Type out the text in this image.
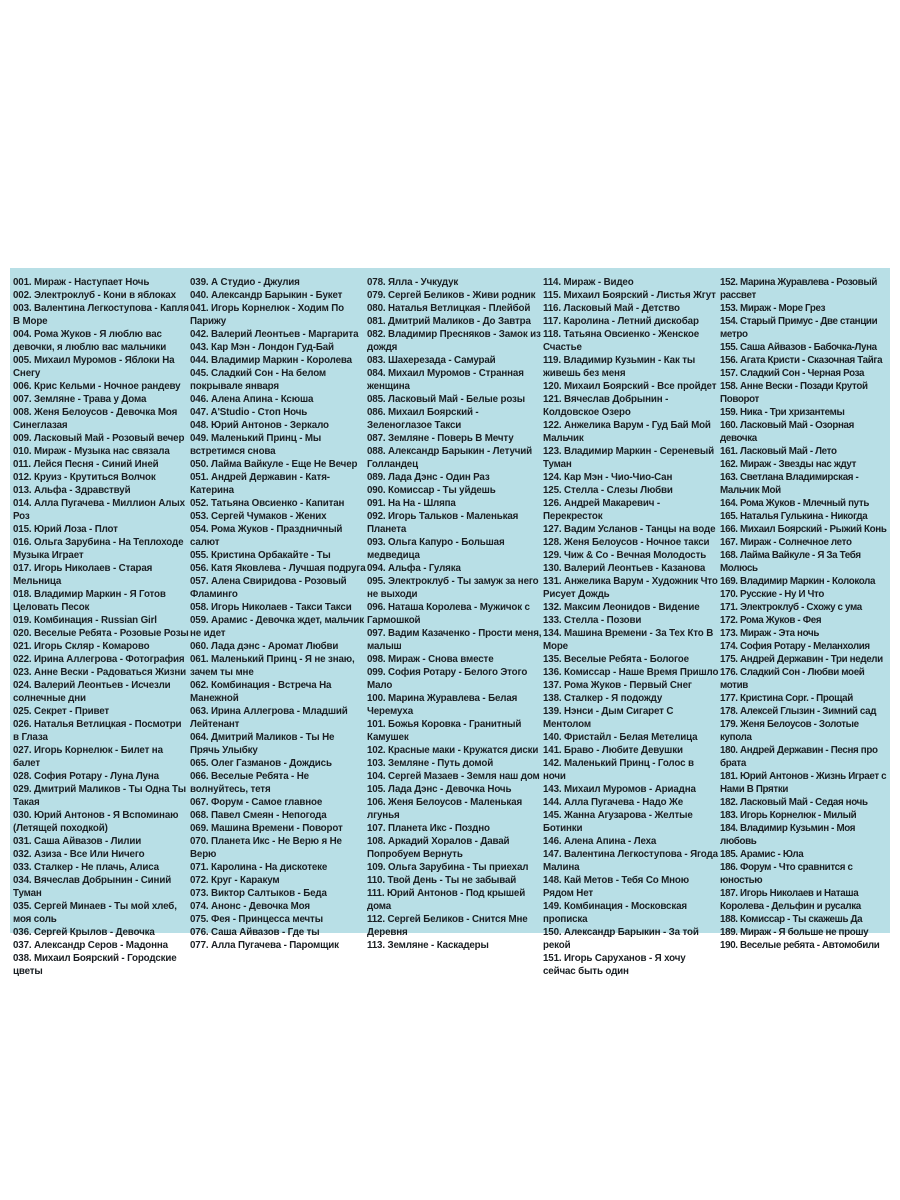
001. Мираж - Наступает Ночь
002. Электроклуб - Кони в яблоках
003. Валентина Легкоступова - Капля В Море
004. Рома Жуков - Я люблю вас девочки, я люблю вас мальчики
005. Михаил Муромов - Яблоки На Снегу
006. Крис Кельми - Ночное рандеву
007. Земляне - Трава у Дома
008. Женя Белоусов - Девочка Моя Синеглазая
009. Ласковый Май - Розовый вечер
010. Мираж - Музыка нас связала
011. Лейся Песня - Синий Иней
012. Круиз - Крутиться Волчок
013. Альфа - Здравствуй
014. Алла Пугачева - Миллион Алых Роз
015. Юрий Лоза - Плот
016. Ольга Зарубина - На Теплоходе Музыка Играет
017. Игорь Николаев - Старая Мельница
018. Владимир Маркин - Я Готов Целовать Песок
019. Комбинация - Russian Girl
020. Веселые Ребята - Розовые Розы
021. Игорь Скляр - Комарово
022. Ирина Аллегрова - Фотография
023. Анне Вески - Радоваться Жизни
024. Валерий Леонтьев - Исчезли солнечные дни
025. Секрет - Привет
026. Наталья Ветлицкая - Посмотри в Глаза
027. Игорь Корнелюк - Билет на балет
028. София Ротару - Луна Луна
029. Дмитрий Маликов - Ты Одна Ты Такая
030. Юрий Антонов - Я Вспоминаю (Летящей походкой)
031. Саша Айвазов - Лилии
032. Азиза - Все Или Ничего
033. Сталкер - Не плачь, Алиса
034. Вячеслав Добрынин - Синий Туман
035. Сергей Минаев - Ты мой хлеб, моя соль
036. Сергей Крылов - Девочка
037. Александр Серов - Мадонна
038. Михаил Боярский - Городские цветы
039. А Студио - Джулия
040. Александр Барыкин - Букет
041. Игорь Корнелюк - Ходим По Парижу
042. Валерий Леонтьев - Маргарита
043. Кар Мэн - Лондон Гуд-Бай
044. Владимир Маркин - Королева
045. Сладкий Сон - На белом покрывале января
046. Алена Апина - Ксюша
047. A'Studio - Стоп Ночь
048. Юрий Антонов - Зеркало
049. Маленький Принц - Мы встретимся снова
050. Лайма Вайкуле - Еще Не Вечер
051. Андрей Державин - Катя-Катерина
052. Татьяна Овсиенко - Капитан
053. Сергей Чумаков - Жених
054. Рома Жуков - Праздничный салют
055. Кристина Орбакайте - Ты
056. Катя Яковлева - Лучшая подруга
057. Алена Свиридова - Розовый Фламинго
058. Игорь Николаев - Такси Такси
059. Арамис - Девочка ждет, мальчик не идет
060. Лада дэнс - Аромат Любви
061. Маленький Принц - Я не знаю, зачем ты мне
062. Комбинация - Встреча На Манежной
063. Ирина Аллегрова - Младший Лейтенант
064. Дмитрий Маликов - Ты Не Прячь Улыбку
065. Олег Газманов - Дождись
066. Веселые Ребята - Не волнуйтесь, тетя
067. Форум - Самое главное
068. Павел Смеян - Непогода
069. Машина Времени - Поворот
070. Планета Икс - Не Верю я Не Верю
071. Каролина - На дискотеке
072. Круг - Каракум
073. Виктор Салтыков - Беда
074. Анонс - Девочка Моя
075. Фея - Принцесса мечты
076. Саша Айвазов - Где ты
077. Алла Пугачева - Паромщик
078. Ялла - Учкудук
079. Сергей Беликов - Живи родник
080. Наталья Ветлицкая - Плейбой
081. Дмитрий Маликов - До Завтра
082. Владимир Пресняков - Замок из дождя
083. Шахерезада - Самурай
084. Михаил Муромов - Странная женщина
085. Ласковый Май - Белые розы
086. Михаил Боярский - Зеленоглазое Такси
087. Земляне - Поверь В Мечту
088. Александр Барыкин - Летучий Голландец
089. Лада Дэнс - Один Раз
090. Комиссар - Ты уйдешь
091. На На - Шляпа
092. Игорь Тальков - Маленькая Планета
093. Ольга Капуро - Большая медведица
094. Альфа - Гуляка
095. Электроклуб - Ты замуж за него не выходи
096. Наташа Королева - Мужичок с Гармошкой
097. Вадим Казаченко - Прости меня, малыш
098. Мираж - Снова вместе
099. София Ротару - Белого Этого Мало
100. Марина Журавлева - Белая Черемуха
101. Божья Коровка - Гранитный Камушек
102. Красные маки - Кружатся диски
103. Земляне - Путь домой
104. Сергей Мазаев - Земля наш дом
105. Лада Дэнс - Девочка Ночь
106. Женя Белоусов - Маленькая лгунья
107. Планета Икс - Поздно
108. Аркадий Хоралов - Давай Попробуем Вернуть
109. Ольга Зарубина - Ты приехал
110. Твой День - Ты не забывай
111. Юрий Антонов - Под крышей дома
112. Сергей Беликов - Снится Мне Деревня
113. Земляне - Каскадеры
114. Мираж - Видео
115. Михаил Боярский - Листья Жгут
116. Ласковый Май - Детство
117. Каролина - Летний дискобар
118. Татьяна Овсиенко - Женское Счастье
119. Владимир Кузьмин - Как ты живешь без меня
120. Михаил Боярский - Все пройдет
121. Вячеслав Добрынин - Колдовское Озеро
122. Анжелика Варум - Гуд Бай Мой Мальчик
123. Владимир Маркин - Сереневый Туман
124. Кар Мэн - Чио-Чио-Сан
125. Стелла - Слезы Любви
126. Андрей Макаревич - Перекресток
127. Вадим Усланов - Танцы на воде
128. Женя Белоусов - Ночное такси
129. Чиж & Co - Вечная Молодость
130. Валерий Леонтьев - Казанова
131. Анжелика Варум - Художник Что Рисует Дождь
132. Максим Леонидов - Видение
133. Стелла - Позови
134. Машина Времени - За Тех Кто В Море
135. Веселые Ребята - Бологое
136. Комиссар - Наше Время Пришло
137. Рома Жуков - Первый Снег
138. Сталкер - Я подожду
139. Нэнси - Дым Сигарет С Ментолом
140. Фристайл - Белая Метелица
141. Браво - Любите Девушки
142. Маленький Принц - Голос в ночи
143. Михаил Муромов - Ариадна
144. Алла Пугачева - Надо Же
145. Жанна Агузарова - Желтые Ботинки
146. Алена Апина - Леха
147. Валентина Легкоступова - Ягода Малина
148. Кай Метов - Тебя Со Мною Рядом Нет
149. Комбинация - Московская прописка
150. Александр Барыкин - За той рекой
151. Игорь Саруханов - Я хочу сейчас быть один
152. Марина Журавлева - Розовый рассвет
153. Мираж - Море Грез
154. Старый Примус - Две станции метро
155. Саша Айвазов - Бабочка-Луна
156. Агата Кристи - Сказочная Тайга
157. Сладкий Сон - Черная Роза
158. Анне Вески - Позади Крутой Поворот
159. Ника - Три хризантемы
160. Ласковый Май - Озорная девочка
161. Ласковый Май - Лето
162. Мираж - Звезды нас ждут
163. Светлана Владимирская - Мальчик Мой
164. Рома Жуков - Млечный путь
165. Наталья Гулькина - Никогда
166. Михаил Боярский - Рыжий Конь
167. Мираж - Солнечное лето
168. Лайма Вайкуле - Я За Тебя Молюсь
169. Владимир Маркин - Колокола
170. Русские - Ну И Что
171. Электроклуб - Схожу с ума
172. Рома Жуков - Фея
173. Мираж - Эта ночь
174. София Ротару - Меланхолия
175. Андрей Державин - Три недели
176. Сладкий Сон - Любви моей мотив
177. Кристина Copr. - Прощай
178. Алексей Глызин - Зимний сад
179. Женя Белоусов - Золотые купола
180. Андрей Державин - Песня про брата
181. Юрий Антонов - Жизнь Играет с Нами В Прятки
182. Ласковый Май - Седая ночь
183. Игорь Корнелюк - Милый
184. Владимир Кузьмин - Моя любовь
185. Арамис - Юла
186. Форум - Что сравнится с юностью
187. Игорь Николаев и Наташа Королева - Дельфин и русалка
188. Комиссар - Ты скажешь Да
189. Мираж - Я больше не прошу
190. Веселые ребята - Автомобили
